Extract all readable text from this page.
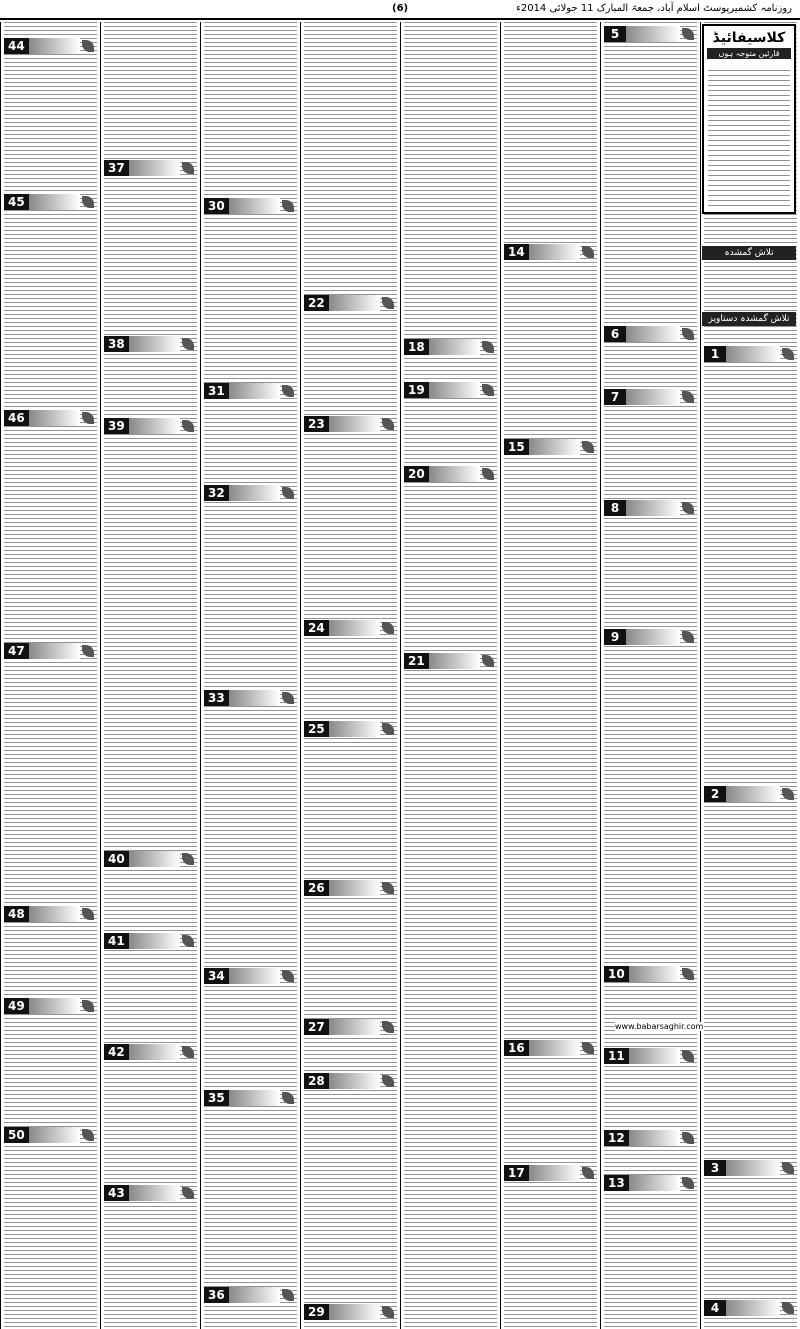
(6)	روزنامہ کشمیرپوسٹ اسلام آباد، جمعۃ المبارک 11 جولائی 2014ء
کلاسیفائیڈ
قارئین متوجہ ہوں
تلاش گمشدہ
تلاش گمشدہ دستاویز
www.babarsaghir.com
44
45
46
47
48
49
50
37
38
39
40
41
42
43
30
31
32
33
34
35
36
22
23
24
25
26
27
28
29
18
19
20
21
14
15
16
17
5
6
7
8
9
10
11
12
13
1
2
3
4
